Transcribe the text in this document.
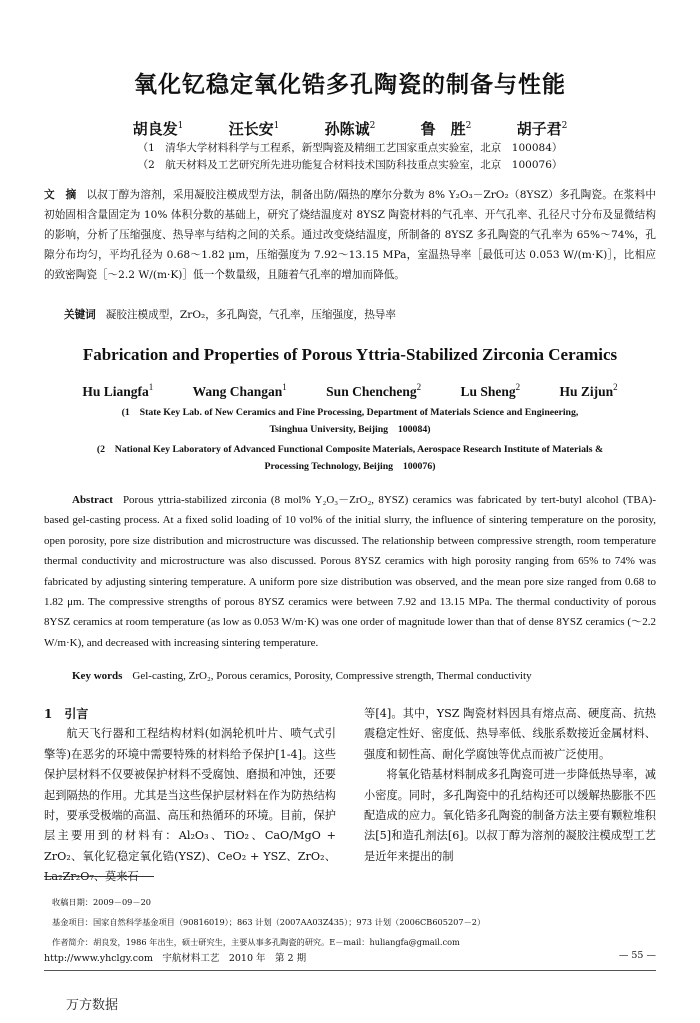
氧化钇稳定氧化锆多孔陶瓷的制备与性能
胡良发$^1$	汪长安$^1$	孙陈诚$^2$	鲁　胜$^2$	胡子君$^2$
（1　清华大学材料科学与工程系，新型陶瓷及精细工艺国家重点实验室，北京　100084）
（2　航天材料及工艺研究所先进功能复合材料技术国防科技重点实验室，北京　100076）
文　摘 以叔丁醇为溶剂，采用凝胶注模成型方法，制备出防/隔热的摩尔分数为 8% Y₂O₃－ZrO₂（8YSZ）多孔陶瓷。在浆料中初始固相含量固定为 10% 体积分数的基础上，研究了烧结温度对 8YSZ 陶瓷材料的气孔率、开气孔率、孔径尺寸分布及显微结构的影响，分析了压缩强度、热导率与结构之间的关系。通过改变烧结温度，所制备的 8YSZ 多孔陶瓷的气孔率为 65%～74%，孔隙分布均匀，平均孔径为 0.68～1.82 μm，压缩强度为 7.92～13.15 MPa，室温热导率［最低可达 0.053 W/(m·K)］，比相应的致密陶瓷［～2.2 W/(m·K)］低一个数量级，且随着气孔率的增加而降低。
关键词 凝胶注模成型，ZrO₂，多孔陶瓷，气孔率，压缩强度，热导率
Fabrication and Properties of Porous Yttria-Stabilized Zirconia Ceramics
Hu Liangfa$^1$	Wang Changan$^1$	Sun Chencheng$^2$	Lu Sheng$^2$	Hu Zijun$^2$
(1　State Key Lab. of New Ceramics and Fine Processing, Department of Materials Science and Engineering,
Tsinghua University, Beijing　100084)
(2　National Key Laboratory of Advanced Functional Composite Materials, Aerospace Research Institute of Materials &
Processing Technology, Beijing　100076)
Abstract Porous yttria-stabilized zirconia (8 mol% Y₂O₃－ZrO₂, 8YSZ) ceramics was fabricated by tert-butyl alcohol (TBA)-based gel-casting process. At a fixed solid loading of 10 vol% of the initial slurry, the influence of sintering temperature on the porosity, open porosity, pore size distribution and microstructure was discussed. The relationship between compressive strength, room temperature thermal conductivity and microstructure was also discussed. Porous 8YSZ ceramics with high porosity ranging from 65% to 74% was fabricated by adjusting sintering temperature. A uniform pore size distribution was observed, and the mean pore size ranged from 0.68 to 1.82 μm. The compressive strengths of porous 8YSZ ceramics were between 7.92 and 13.15 MPa. The thermal conductivity of porous 8YSZ ceramics at room temperature (as low as 0.053 W/m·K) was one order of magnitude lower than that of dense 8YSZ ceramics (～2.2 W/m·K), and decreased with increasing sintering temperature.
Key words Gel-casting, ZrO₂, Porous ceramics, Porosity, Compressive strength, Thermal conductivity

1　引言

航天飞行器和工程结构材料(如涡轮机叶片、喷气式引擎等)在恶劣的环境中需要特殊的材料给予保护[1-4]。这些保护层材料不仅要被保护材料不受腐蚀、磨损和冲蚀，还要起到隔热的作用。尤其是当这些保护层材料在作为防热结构时，要承受极端的高温、高压和热循环的环境。目前，保护层主要用到的材料有：Al₂O₃、TiO₂、CaO/MgO + ZrO₂、氧化钇稳定氧化锆(YSZ)、CeO₂ + YSZ、ZrO₂、La₂Zr₂O₇、莫来石

等[4]。其中，YSZ 陶瓷材料因具有熔点高、硬度高、抗热震稳定性好、密度低、热导率低、线胀系数接近金属材料、强度和韧性高、耐化学腐蚀等优点而被广泛使用。

将氧化锆基材料制成多孔陶瓷可进一步降低热导率，减小密度。同时，多孔陶瓷中的孔结构还可以缓解热膨胀不匹配造成的应力。氧化锆多孔陶瓷的制备方法主要有颗粒堆积法[5]和造孔剂法[6]。以叔丁醇为溶剂的凝胶注模成型工艺是近年来提出的制

收稿日期：2009－09－20
基金项目：国家自然科学基金项目（90816019）；863 计划（2007AA03Z435）；973 计划（2006CB605207－2）
作者简介：胡良发，1986 年出生，硕士研究生，主要从事多孔陶瓷的研究。E－mail：huliangfa@gmail.com
http://www.yhclgy.com　宇航材料工艺　2010 年　第 2 期	— 55 —
万方数据
